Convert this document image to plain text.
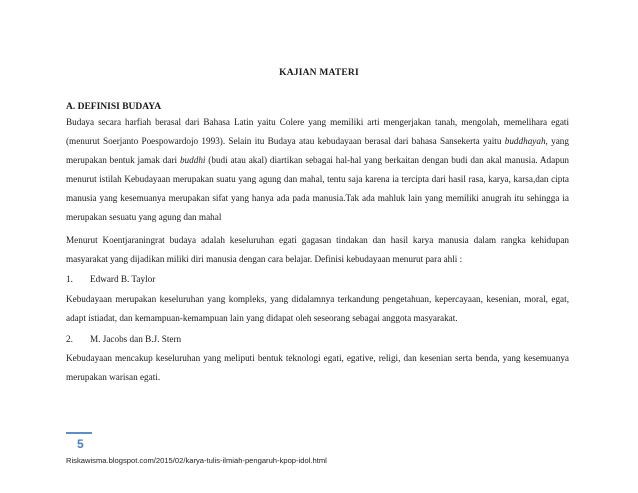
KAJIAN MATERI
A. DEFINISI BUDAYA

Budaya secara harfiah berasal dari Bahasa Latin yaitu Colere yang memiliki arti mengerjakan tanah, mengolah, memelihara egati (menurut Soerjanto Poespowardojo 1993). Selain itu Budaya atau kebudayaan berasal dari bahasa Sansekerta yaitu buddhayah, yang merupakan bentuk jamak dari buddhi (budi atau akal) diartikan sebagai hal-hal yang berkaitan dengan budi dan akal manusia. Adapun menurut istilah Kebudayaan merupakan suatu yang agung dan mahal, tentu saja karena ia tercipta dari hasil rasa, karya, karsa,dan cipta manusia yang kesemuanya merupakan sifat yang hanya ada pada manusia.Tak ada mahluk lain yang memiliki anugrah itu sehingga ia merupakan sesuatu yang agung dan mahal

Menurut Koentjaraningrat budaya adalah keseluruhan egati gagasan tindakan dan hasil karya manusia dalam rangka kehidupan masyarakat yang dijadikan miliki diri manusia dengan cara belajar. Definisi kebudayaan menurut para ahli :

1. Edward B. Taylor

Kebudayaan merupakan keseluruhan yang kompleks, yang didalamnya terkandung pengetahuan, kepercayaan, kesenian, moral, egat, adapt istiadat, dan kemampuan-kemampuan lain yang didapat oleh seseorang sebagai anggota masyarakat.

2. M. Jacobs dan B.J. Stern

Kebudayaan mencakup keseluruhan yang meliputi bentuk teknologi egati, egative, religi, dan kesenian serta benda, yang kesemuanya merupakan warisan egati.

5
Riskawisma.blogspot.com/2015/02/karya-tulis-ilmiah-pengaruh-kpop-idol.html
